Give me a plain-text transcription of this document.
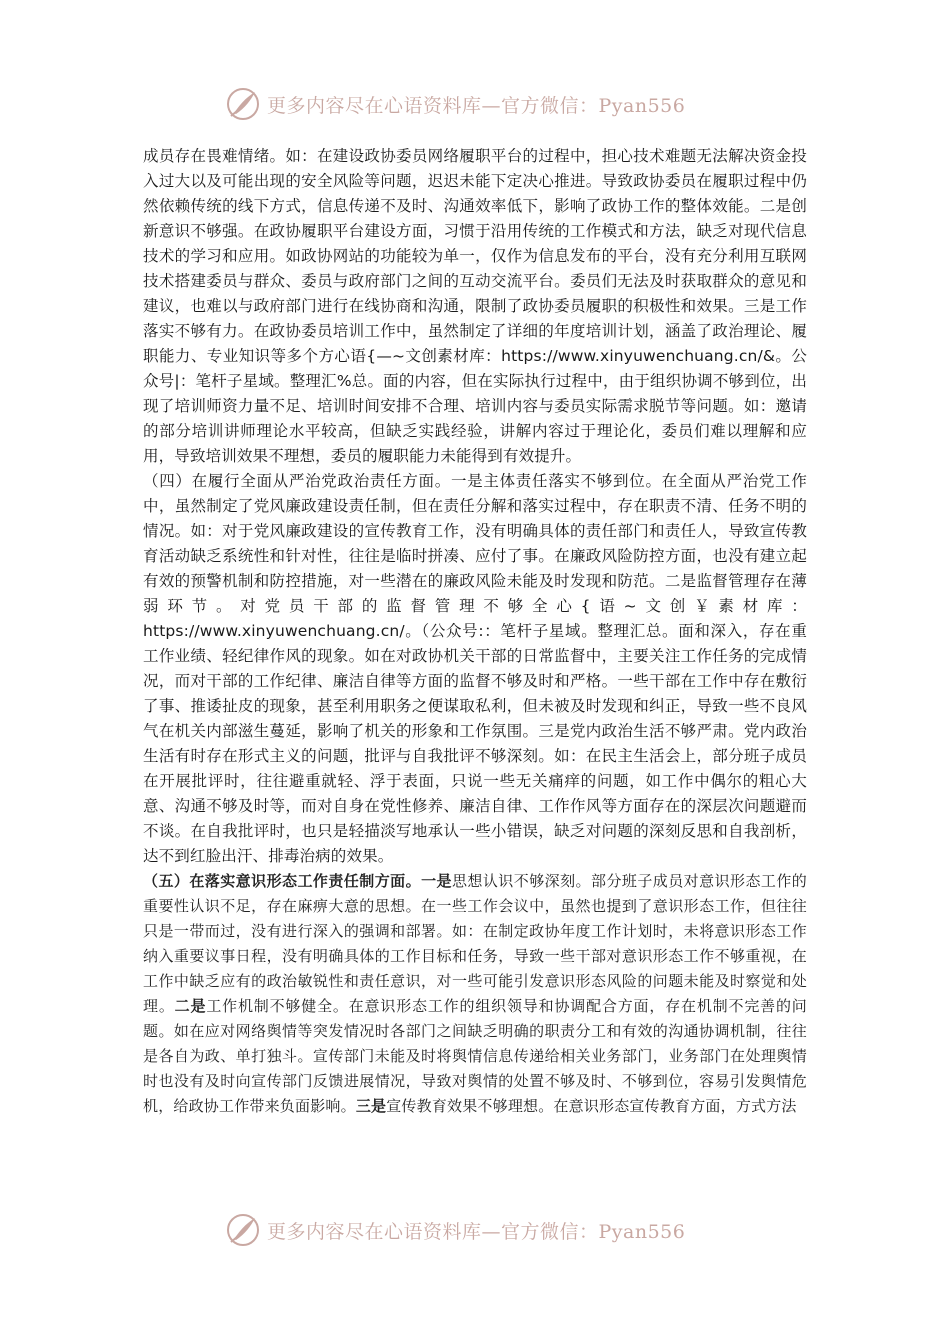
更多内容尽在心语资料库—官方微信：Pyan556

成员存在畏难情绪。如：在建设政协委员网络履职平台的过程中，担心技术难题无法解决资金投入过大以及可能出现的安全风险等问题，迟迟未能下定决心推进。导致政协委员在履职过程中仍然依赖传统的线下方式，信息传递不及时、沟通效率低下，影响了政协工作的整体效能。二是创新意识不够强。在政协履职平台建设方面，习惯于沿用传统的工作模式和方法，缺乏对现代信息技术的学习和应用。如政协网站的功能较为单一，仅作为信息发布的平台，没有充分利用互联网技术搭建委员与群众、委员与政府部门之间的互动交流平台。委员们无法及时获取群众的意见和建议，也难以与政府部门进行在线协商和沟通，限制了政协委员履职的积极性和效果。三是工作落实不够有力。在政协委员培训工作中，虽然制定了详细的年度培训计划，涵盖了政治理论、履职能力、专业知识等多个方心语{—~文创素材库：https://www.xinyuwenchuang.cn/&。公众号|：笔杆子星域。整理汇%总。面的内容，但在实际执行过程中，由于组织协调不够到位，出现了培训师资力量不足、培训时间安排不合理、培训内容与委员实际需求脱节等问题。如：邀请的部分培训讲师理论水平较高，但缺乏实践经验，讲解内容过于理论化，委员们难以理解和应用，导致培训效果不理想，委员的履职能力未能得到有效提升。

（四）在履行全面从严治党政治责任方面。一是主体责任落实不够到位。在全面从严治党工作中，虽然制定了党风廉政建设责任制，但在责任分解和落实过程中，存在职责不清、任务不明的情况。如：对于党风廉政建设的宣传教育工作，没有明确具体的责任部门和责任人，导致宣传教育活动缺乏系统性和针对性，往往是临时拼凑、应付了事。在廉政风险防控方面，也没有建立起有效的预警机制和防控措施，对一些潜在的廉政风险未能及时发现和防范。二是监督管理存在薄弱环节。对党员干部的监督管理不够全心{语~文创￥素材库：https://www.xinyuwenchuang.cn/。（公众号:：笔杆子星域。整理汇总。面和深入，存在重工作业绩、轻纪律作风的现象。如在对政协机关干部的日常监督中，主要关注工作任务的完成情况，而对干部的工作纪律、廉洁自律等方面的监督不够及时和严格。一些干部在工作中存在敷衍了事、推诿扯皮的现象，甚至利用职务之便谋取私利，但未被及时发现和纠正，导致一些不良风气在机关内部滋生蔓延，影响了机关的形象和工作氛围。三是党内政治生活不够严肃。党内政治生活有时存在形式主义的问题，批评与自我批评不够深刻。如：在民主生活会上，部分班子成员在开展批评时，往往避重就轻、浮于表面，只说一些无关痛痒的问题，如工作中偶尔的粗心大意、沟通不够及时等，而对自身在党性修养、廉洁自律、工作作风等方面存在的深层次问题避而不谈。在自我批评时，也只是轻描淡写地承认一些小错误，缺乏对问题的深刻反思和自我剖析，达不到红脸出汗、排毒治病的效果。

（五）在落实意识形态工作责任制方面。一是思想认识不够深刻。部分班子成员对意识形态工作的重要性认识不足，存在麻痹大意的思想。在一些工作会议中，虽然也提到了意识形态工作，但往往只是一带而过，没有进行深入的强调和部署。如：在制定政协年度工作计划时，未将意识形态工作纳入重要议事日程，没有明确具体的工作目标和任务，导致一些干部对意识形态工作不够重视，在工作中缺乏应有的政治敏锐性和责任意识，对一些可能引发意识形态风险的问题未能及时察觉和处理。二是工作机制不够健全。在意识形态工作的组织领导和协调配合方面，存在机制不完善的问题。如在应对网络舆情等突发情况时各部门之间缺乏明确的职责分工和有效的沟通协调机制，往往是各自为政、单打独斗。宣传部门未能及时将舆情信息传递给相关业务部门，业务部门在处理舆情时也没有及时向宣传部门反馈进展情况，导致对舆情的处置不够及时、不够到位，容易引发舆情危机，给政协工作带来负面影响。三是宣传教育效果不够理想。在意识形态宣传教育方面，方式方法

更多内容尽在心语资料库—官方微信：Pyan556
